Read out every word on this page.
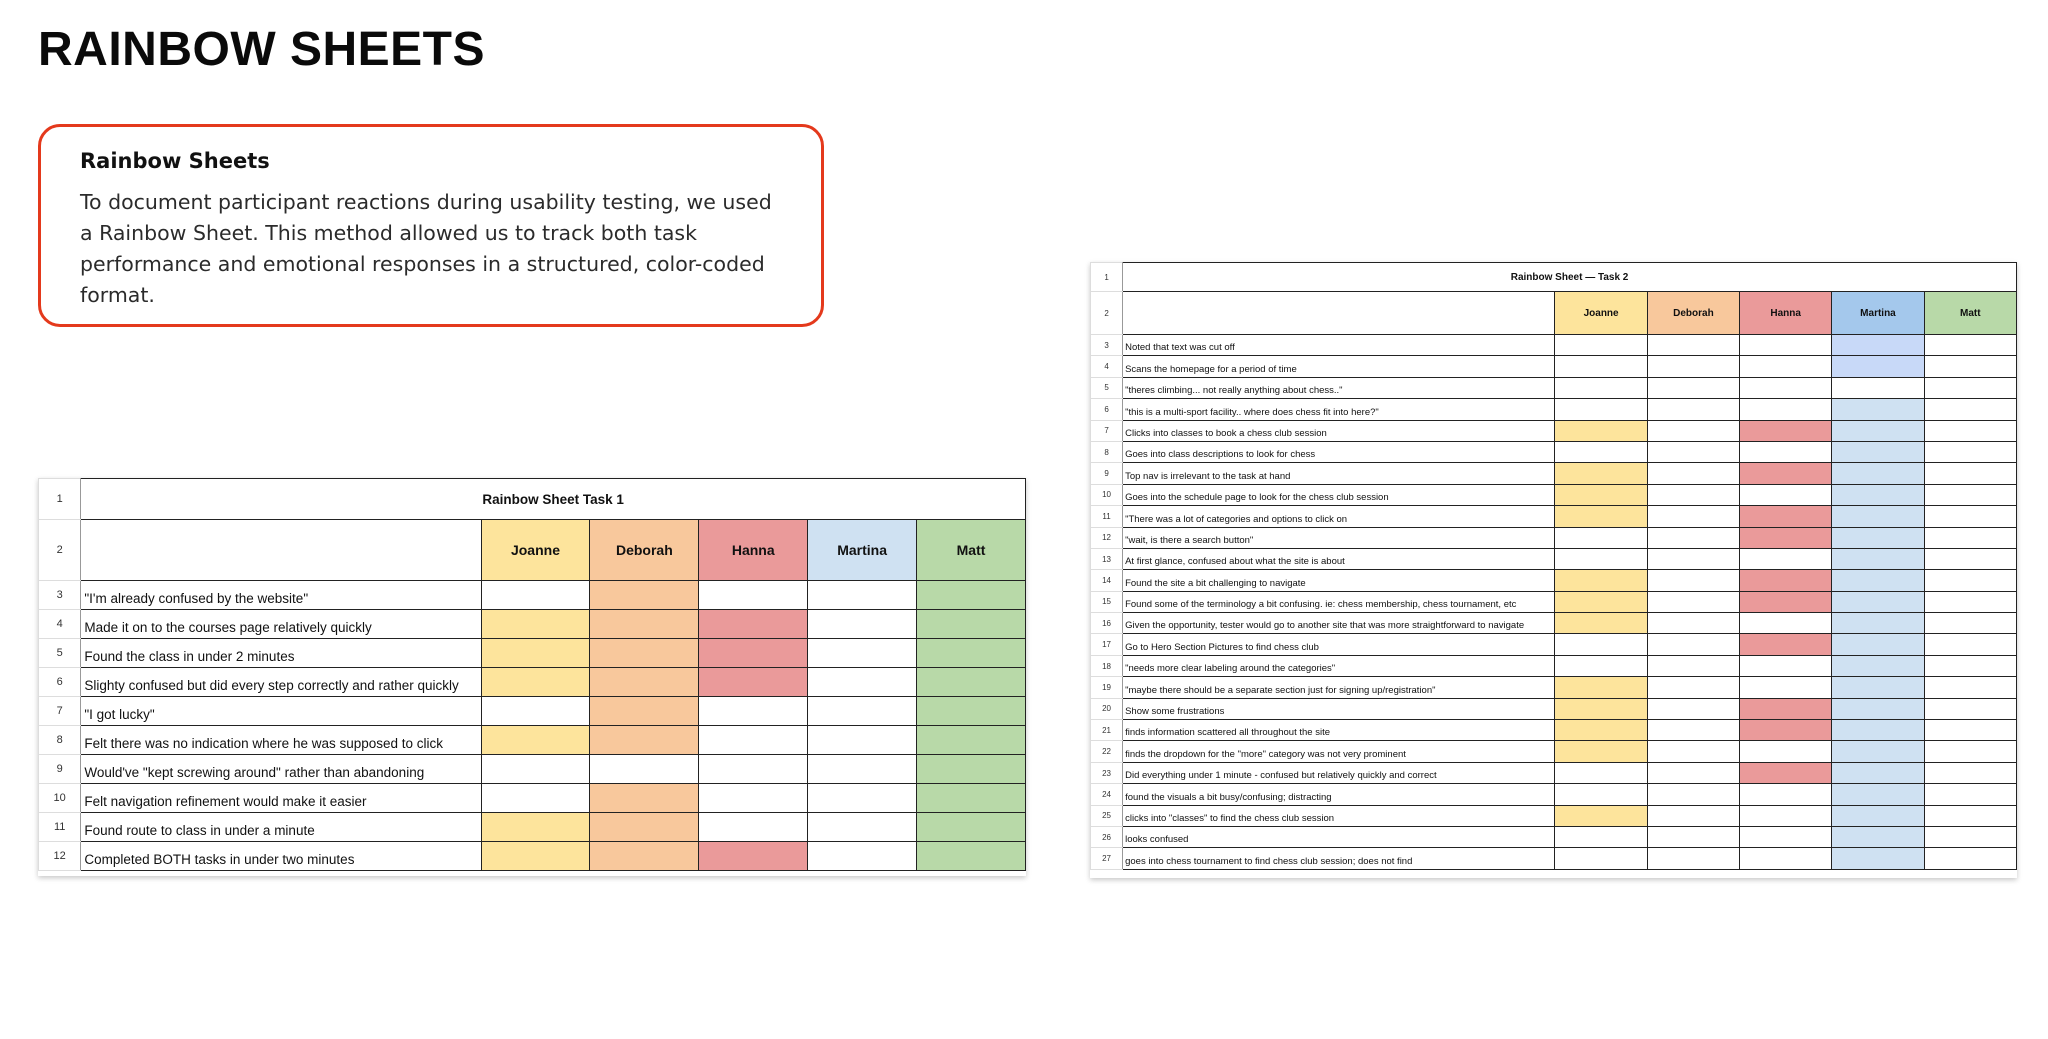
RAINBOW SHEETS
Rainbow Sheets

To document participant reactions during usability testing, we used a Rainbow Sheet. This method allowed us to track both task performance and emotional responses in a structured, color-coded format.

1	Rainbow Sheet Task 1					
2		Joanne	Deborah	Hanna	Martina	Matt
3	"I'm already confused by the website"					
4	Made it on to the courses page relatively quickly					
5	Found the class in under 2 minutes					
6	Slighty confused but did every step correctly and rather quickly					
7	"I got lucky"					
8	Felt there was no indication where he was supposed to click					
9	Would've "kept screwing around" rather than abandoning					
10	Felt navigation refinement would make it easier					
11	Found route to class in under a minute					
12	Completed BOTH tasks in under two minutes					
1	Rainbow Sheet — Task 2					
2		Joanne	Deborah	Hanna	Martina	Matt
3	Noted that text was cut off					
4	Scans the homepage for a period of time					
5	"theres climbing... not really anything about chess.."					
6	"this is a multi-sport facility.. where does chess fit into here?"					
7	Clicks into classes to book a chess club session					
8	Goes into class descriptions to look for chess					
9	Top nav is irrelevant to the task at hand					
10	Goes into the schedule page to look for the chess club session					
11	"There was a lot of categories and options to click on					
12	"wait, is there a search button"					
13	At first glance, confused about what the site is about					
14	Found the site a bit challenging to navigate					
15	Found some of the terminology a bit confusing. ie: chess membership, chess tournament, etc					
16	Given the opportunity, tester would go to another site that was more straightforward to navigate					
17	Go to Hero Section Pictures to find chess club					
18	"needs more clear labeling around the categories"					
19	"maybe there should be a separate section just for signing up/registration"					
20	Show some frustrations					
21	finds information scattered all throughout the site					
22	finds the dropdown for the "more" category was not very prominent					
23	Did everything under 1 minute - confused but relatively quickly and correct					
24	found the visuals a bit busy/confusing; distracting					
25	clicks into "classes" to find the chess club session					
26	looks confused					
27	goes into chess tournament to find chess club session; does not find					
